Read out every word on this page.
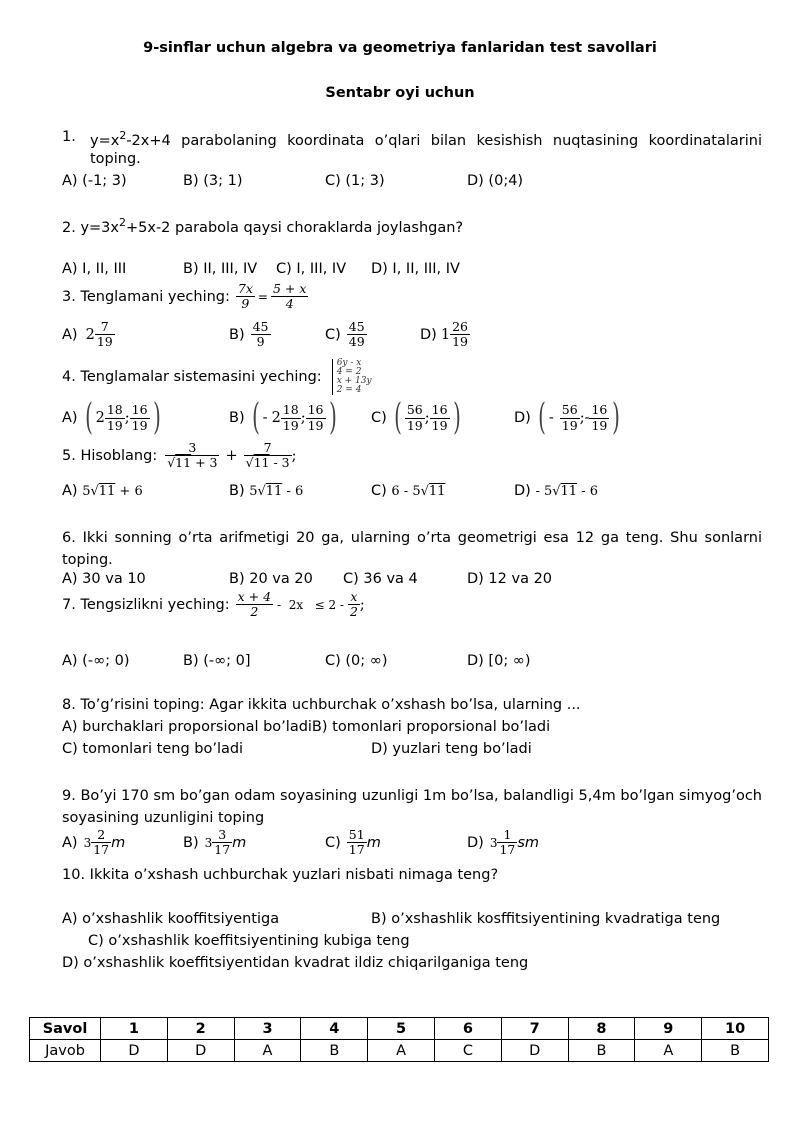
9-sinflar uchun algebra va geometriya fanlaridan test savollari
Sentabr oyi uchun
1. $y=x^2-2x+4$ parabolaning koordinata o’qlari bilan kesishish nuqtasining koordinatalarini
toping.
A) (-1; 3)	B) (3; 1)	C) (1; 3)	D) (0;4)
2. $y=3x^2+5x-2$ parabola qaysi choraklarda joylashgan?
A) I, II, III	B) II, III, IV C) I, III, IV D) I, II, III, IV
3. Tenglamani yeching: $\frac{7x}{9} = \frac{5 + x}{4}$
A) $2 \frac{7}{19}$	$B) \frac{45}{9}$	$C) \frac{45}{49}$	D) $1 \frac{26}{19}$
4. Tenglamalar sistemasini yeching:
6y - x
4 = 2
x + 13y
2 = 4
A) ( $2 \frac{18}{19}$ ; $\frac{16}{19}$ )	B) ( - $2 \frac{18}{19}$ ; $\frac{16}{19}$ ) C) ( $\frac{56}{19}$ ; $\frac{16}{19}$ )	D) ( - $\frac{56}{19}$ ;- $\frac{16}{19}$ )
5. Hisoblang: $\frac{3}{√11 + 3} + \frac{7}{√11 - 3}$ ;
A) 5√11 + 6	B) 5√11 - 6	C) 6 - 5√11	D) - 5√11 - 6
6. Ikki sonning o’rta arifmetigi 20 ga, ularning o’rta geometrigi esa 12 ga teng. Shu sonlarni toping.
A) 30 va 10	B) 20 va 20 C) 36 va 4	D) 12 va 20
7. Tengsizlikni yeching: $\frac{x + 4}{2} - 2x \le 2 - \frac{x}{2}$ ;
A) (-∞; 0)	B) (-∞; 0]	C) (0; ∞)	D) [0; ∞)
8. To’g’risini toping: Agar ikkita uchburchak o’xshash bo’lsa, ularning ...
A) burchaklari proporsional bo’ladiB) tomonlari proporsional bo’ladi
C) tomonlari teng bo’ladi	D) yuzlari teng bo’ladi
9. Bo’yi 170 sm bo’gan odam soyasining uzunligi 1m bo’lsa, balandligi 5,4m bo’lgan simyog’och soyasining uzunligini toping
A) $3 \frac{2}{17}$ m	B) $3 \frac{3}{17}$ m	$C) \frac{51}{17}$ m	D) $3 \frac{1}{17}$ sm
10. Ikkita o’xshash uchburchak yuzlari nisbati nimaga teng?
A) o’xshashlik kooffitsiyentiga	B) o’xshashlik kosffitsiyentining kvadratiga teng
C) o’xshashlik koeffitsiyentining kubiga teng
D) o’xshashlik koeffitsiyentidan kvadrat ildiz chiqarilganiga teng
Savol	1	2	3	4	5	6	7	8	9	10
Javob	D	D	A	B	A	C	D	B	A	B
